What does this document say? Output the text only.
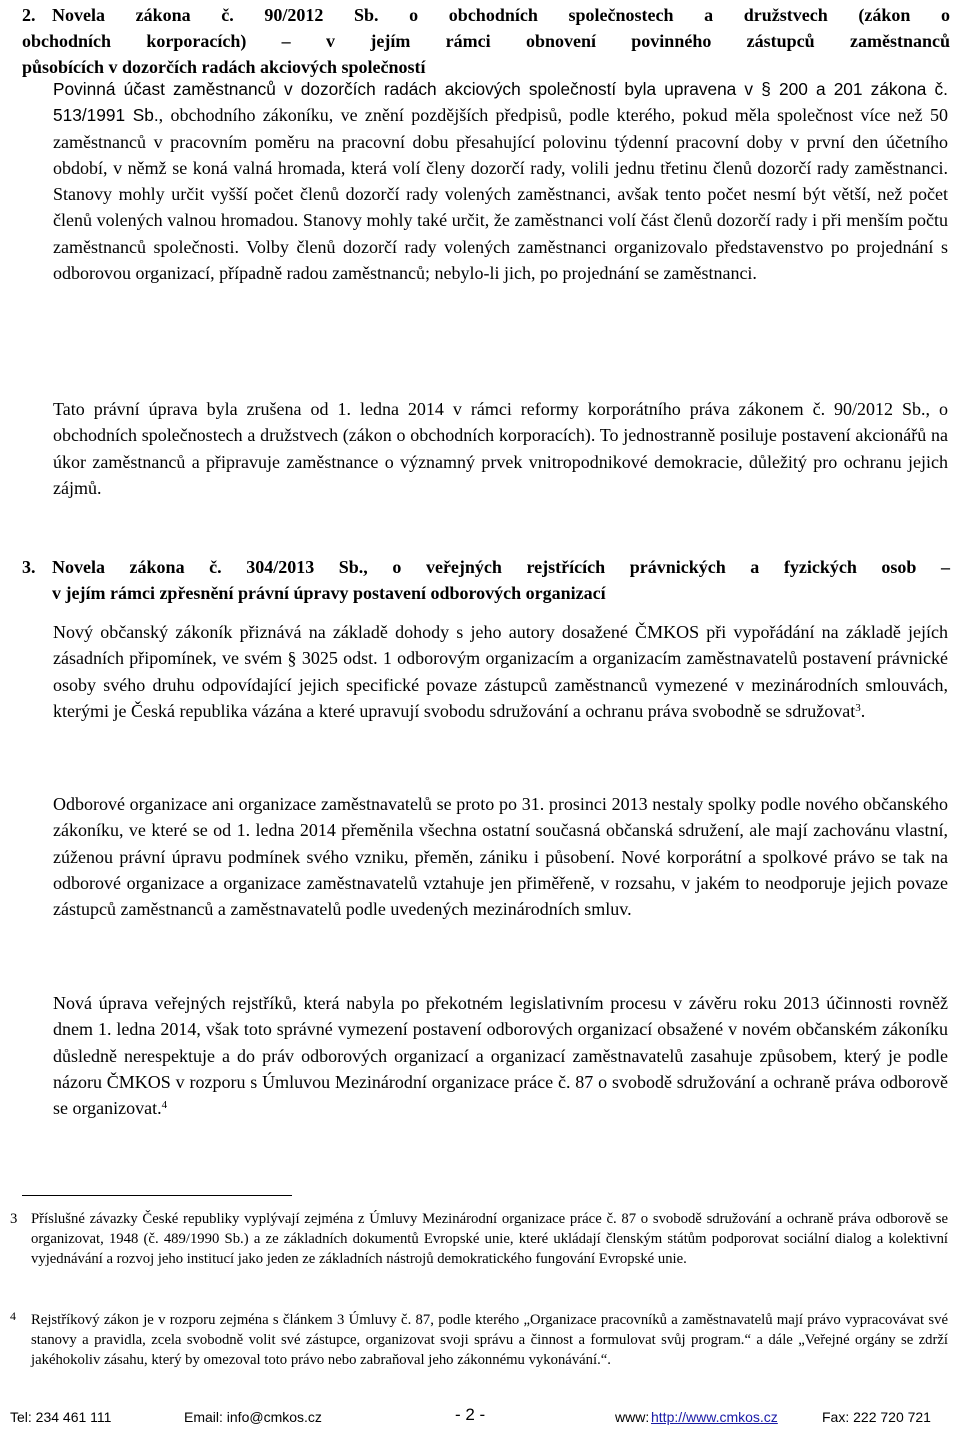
2. Novela zákona č. 90/2012 Sb. o obchodních společnostech a družstvech (zákon o
obchodních korporacích) – v jejím rámci obnovení povinného zástupců zaměstnanců
působících v dozorčích radách akciových společností

Povinná účast zaměstnanců v dozorčích radách akciových společností byla upravena v § 200 a 201 zákona č. 513/1991 Sb., obchodního zákoníku, ve znění pozdějších předpisů, podle kterého, pokud měla společnost více než 50 zaměstnanců v pracovním poměru na pracovní dobu přesahující polovinu týdenní pracovní doby v první den účetního období, v němž se koná valná hromada, která volí členy dozorčí rady, volili jednu třetinu členů dozorčí rady zaměstnanci. Stanovy mohly určit vyšší počet členů dozorčí rady volených zaměstnanci, avšak tento počet nesmí být větší, než počet členů volených valnou hromadou. Stanovy mohly také určit, že zaměstnanci volí část členů dozorčí rady i při menším počtu zaměstnanců společnosti. Volby členů dozorčí rady volených zaměstnanci organizovalo představenstvo po projednání s odborovou organizací, případně radou zaměstnanců; nebylo-li jich, po projednání se zaměstnanci.

Tato právní úprava byla zrušena od 1. ledna 2014 v rámci reformy korporátního práva zákonem č. 90/2012 Sb., o obchodních společnostech a družstvech (zákon o obchodních korporacích). To jednostranně posiluje postavení akcionářů na úkor zaměstnanců a připravuje zaměstnance o významný prvek vnitropodnikové demokracie, důležitý pro ochranu jejich zájmů.

3. Novela zákona č. 304/2013 Sb., o veřejných rejstřících právnických a fyzických osob –
v jejím rámci zpřesnění právní úpravy postavení odborových organizací

Nový občanský zákoník přiznává na základě dohody s jeho autory dosažené ČMKOS při vypořádání na základě jejích zásadních připomínek, ve svém § 3025 odst. 1 odborovým organizacím a organizacím zaměstnavatelů postavení právnické osoby svého druhu odpovídající jejich specifické povaze zástupců zaměstnanců vymezené v mezinárodních smlouvách, kterými je Česká republika vázána a které upravují svobodu sdružování a ochranu práva svobodně se sdružovat$^3$.

Odborové organizace ani organizace zaměstnavatelů se proto po 31. prosinci 2013 nestaly spolky podle nového občanského zákoníku, ve které se od 1. ledna 2014 přeměnila všechna ostatní současná občanská sdružení, ale mají zachovánu vlastní, zúženou právní úpravu podmínek svého vzniku, přeměn, zániku i působení. Nové korporátní a spolkové právo se tak na odborové organizace a organizace zaměstnavatelů vztahuje jen přiměřeně, v rozsahu, v jakém to neodporuje jejich povaze zástupců zaměstnanců a zaměstnavatelů podle uvedených mezinárodních smluv.

Nová úprava veřejných rejstříků, která nabyla po překotném legislativním procesu v závěru roku 2013 účinnosti rovněž dnem 1. ledna 2014, však toto správné vymezení postavení odborových organizací obsažené v novém občanském zákoníku důsledně nerespektuje a do práv odborových organizací a organizací zaměstnavatelů zasahuje způsobem, který je podle názoru ČMKOS v rozporu s Úmluvou Mezinárodní organizace práce č. 87 o svobodě sdružování a ochraně práva odborově se organizovat.$^4$

3 Příslušné závazky České republiky vyplývají zejména z Úmluvy Mezinárodní organizace práce č. 87 o svobodě sdružování a ochraně práva odborově se organizovat, 1948 (č. 489/1990 Sb.) a ze základních dokumentů Evropské unie, které ukládají členským státům podporovat sociální dialog a kolektivní vyjednávání a rozvoj jeho institucí jako jeden ze základních nástrojů demokratického fungování Evropské unie.
4	Rejstříkový zákon je v rozporu zejména s článkem 3 Úmluvy č. 87, podle kterého „Organizace pracovníků a zaměstnavatelů mají právo vypracovávat své stanovy a pravidla, zcela svobodně volit své zástupce, organizovat svoji správu a činnost a formulovat svůj program.“ a dále „Veřejné orgány se zdrží jakéhokoliv zásahu, který by omezoval toto právo nebo zabraňoval jeho zákonnému vykonávání.“.
Tel: 234 461 111	Email: info@cmkos.cz	- 2 -	www: http://www.cmkos.cz	Fax: 222 720 721
